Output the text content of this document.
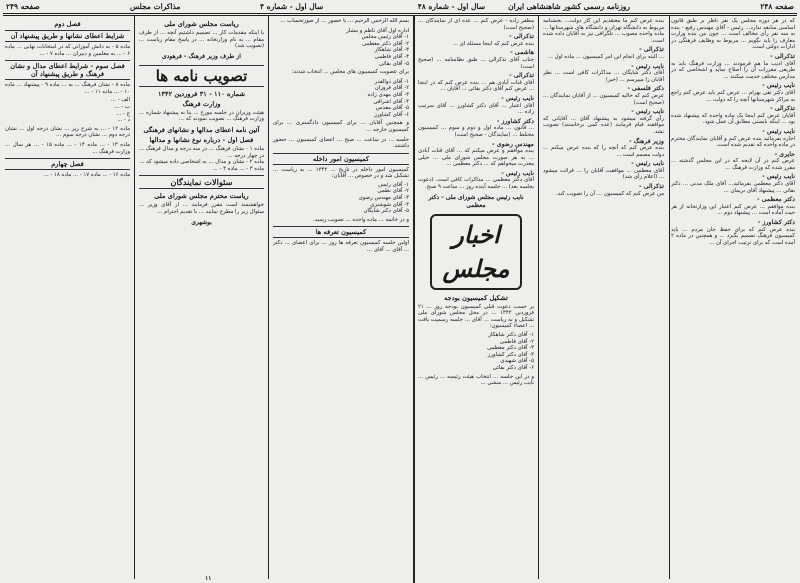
صفحه ۲۴۸
روزنامه رسمی کشور شاهنشاهی ایران
سال اول - شماره ۴۸
صفحه ۲۴۹	مذاکرات مجلس	سال اول - شماره ۴

که در هر دوره مجلس یک نفر ناظر بر طبق قانون اساسی سابقه ندارد... رئیس - آقای مهندس رفیع - بنده به سه نفر رأی مخالف است ... چون من بنده وزارت معارف را باید بگویم ... مربوط به وظایف فرهنگی در ادارات دولتی است.

تذکرالی -

آقای ادیب ما هم فرمودند ... وزارت فرهنگ باید به طریقی مقررات آن را اصلاح نماید و اشخاصی که در مدارس مختلف خدمت میکنند ...

نایب رئیس -

آقای دکتر تقی بهرام ... عرض کنم باید عرض کنم راجع به مراکز شهرستانها آنچه را که دولت ...

تذکرالی -

آقایان عرض کنم اینجا یک ماده واحده که پیشنهاد شده بود ... اینکه بایستی مطابق آن عمل شود.

نایب رئیس -

اجازه بفرمائید بنده عرض کنم و آقایان نمایندگان محترم در ماده واحده که تقدیم شده است.

حایری -

عرض کنم در آن لایحه که در این مجلس گذشته ... مقرر شده که وزارت فرهنگ ...

نایب رئیس -

آقای دکتر معظمی بفرمائید... آقای ملک مدنی ... دکتر بقائی ... پیشنهاد آقای نریمان ...

دکتر معظمی -

بنده موافقم ... عرض کنم اعتبار این وزارتخانه از هر حیث آماده است ... پیشنهاد دوم ...

دکتر کشاورز -

بنده عرض کنم که برای حفظ جان مردم ... باید کمیسیون فرهنگ تصمیم بگیرد ... و همچنین در ماده ۲ آمده است که برای ترتیب اجرای آن ...

بنده عرض کنم ما معتقدیم این کار دولت... بخشنامه مربوط به دانشگاه تهران و دانشگاه های شهرستانها ... ماده واحده مصوب ... تلگرافی نیز به آقایان داده شده است.

تذکرالی -

... البته برای انجام این امر کمیسیون ... ماده اول ...

نایب رئیس -

آقای دکتر شایگان ... مذاکرات کافی است ... نظر آقایان را میپرسم ... (خیر)

دکتر فلسفی -

عرض کنم که حالیه کمیسیون ... از آقایان نمایندگان ... (صحیح است)

نایب رئیس -

رأی گرفته میشود به پیشنهاد آقای ... آقایانی که موافقند قیام فرمایند (عده کمی برخاستند) تصویب نشد.

وزیر فرهنگ -

بنده عرض کنم که آنچه را که بنده عرض میکنم ... دولت مصمم است ...

نایب رئیس -

آقای معظمی ... موافقت آقایان را ... قرائت میشود ... (اعلام رأی شد)

تذکرالی -

من عرض کنم که کمیسیون ... آن را تصویب کند.

مظفر زاده - عرض کنم ... عده ای از نمایندگان ... (صحیح است)

تذکرالی -

بنده عرض کنم که اینجا مسئله ای ...

هاشمی -

جناب آقای تذکرالی ... طبق نظامنامه ... (صحیح است)

تذکرالی -

آقای قنات آبادی هم ... بنده عرض کنم که در اینجا ... عرض کنم آقای دکتر بقائی ... آقایان ...

نایب رئیس -

آقای اعتبار ... آقای دکتر کشاورز ... آقای سرتیپ زاده ...

دکتر کشاورز -

... قانون ... ماده اول و دوم و سوم ... کمیسیون مختلط ... (نمایندگان - صحیح است)

مهندس رضوی -

بنده موافقم و عرض میکنم که ... آقای قنات آبادی ... به هر صورت مجلس شورای ملی ... خیلی معذرت میخواهم که ... دکتر معظمی ...

نایب رئیس -

آقای دکتر معظمی ... مذاکرات کافی است. (دعوت بجلسه بعد) ... جلسه آینده روز ... ساعت ۹ صبح.

نایب رئیس مجلس شورای ملی - دکتر معظمی
اخبار مجلس
تشکیل کمیسیون بودجه

بر حسب دعوت قبلی کمیسیون بودجه روز ... ۲۱ فروردین ۱۳۴۲ ... در محل مجلس شورای ملی تشکیل و به ریاست ... آقای ... جلسه رسمیت یافت ... اعضاء کمیسیون:

۱- آقای دکتر شاهکار
۲- آقای فاطمی
۳- آقای دکتر معظمی
۴- آقای دکتر کشاورز
۵- آقای شهیدی
۶- آقای دکتر بقائی

و در این جلسه ... انتخاب هیئت رئیسه ... رئیس ... نایب رئیس ... منشی ...

بسم الله الرحمن الرحیم ... با حضور ... از صورتحساب ...

اداره اول آقای ناظم و مشار
۱- آقای رئیس مجلس
۲- آقای دکتر معظمی
۳- آقای شاهکار
۴- آقای فاطمی
۵- آقای بقائی

برای عضویت کمیسیون های مجلس ... انتخاب شدند:

۱- آقای ذوالقدر
۲- آقای فروزان
۳- آقای مهدی زاده
۴- آقای اشراقی
۵- آقای مقدس
۶- آقای کشاورز

و همچنین آقایان ... برای کمیسیون دادگستری ... برای کمیسیون خارجه ...

جلسه ... در ساعت ... صبح ... اعضای کمیسیون ... حضور داشتند.

کمیسیون امور داخله

کمیسیون امور داخله در تاریخ ... ۱۳۴۲ ... به ریاست ... تشکیل شد و در خصوص ... آقایان:

۱- آقای رئیس
۲- آقای نظمی
۳- آقای مهندس رضوی
۴- آقای شوشتری
۵- آقای دکتر شایگان

و در خاتمه ... ماده واحده ... تصویب رسید.

کمیسیون تعرفه ها

اولین جلسه کمیسیون تعرفه ها روز ... برای اعضای ... دکتر ... آقای ... آقای ...

ریاست مجلس شورای ملی

با اینکه مقدمات کار ... تصمیم داشتیم آنچه ... از طرف مقام ... به نام وزارتخانه ... در پاسخ مقام ریاست ... (تصویب شد)

از طرف وزیر فرهنگ - فرهودی
تصویب نامه ها
شماره ۱۱۰ - ۳۱ فروردین ۱۳۴۲
وزارت فرهنگ

هیئت وزیران در جلسه مورخ ... بنا به پیشنهاد شماره ... وزارت فرهنگ ... تصویب نمودند که ...

آئین نامه اعطای مدالها و نشانهای فرهنگی
فصل اول - درباره نوع نشانها و مدالها

ماده ۱ - نشان فرهنگ ... در سه درجه و مدال فرهنگ ... در چهار درجه ...

ماده ۲ - نشان و مدال ... به اشخاصی داده میشود که ...

ماده ۳ - ... ماده ۴ - ...

سئوالات نمایندگان
ریاست محترم مجلس شورای ملی

خواهشمند است مقرر فرمایند ... از آقای وزیر ... سئوال زیر را مطرح نمایند ... با تقدیم احترام ...

بوشهری
فصل دوم
شرایط اعطای نشانها و طریق پیشنهاد آن

ماده ۵ - به دانش آموزانی که در امتحانات نهایی ... ماده ۶ - ... به معلمین و دبیران ... ماده ۷ - ...

فصل سوم - شرایط اعطای مدال و نشان فرهنگ و طریق پیشنهاد آن

ماده ۸ - نشان فرهنگ ... به ... ماده ۹ - پیشنهاد ... ماده ۱۰ - ... ماده ۱۱ - ...

الف - ...
ب - ...
ج - ...
د - ...

ماده ۱۲ - ... به شرح زیر ... نشان درجه اول ... نشان درجه دوم ... نشان درجه سوم ...

ماده ۱۳ - ... ماده ۱۴ - ... ماده ۱۵ - ... هر سال ... وزارت فرهنگ ...

فصل چهارم

ماده ۱۶ - ... ماده ۱۷ - ... ماده ۱۸ - ...

۱۱
